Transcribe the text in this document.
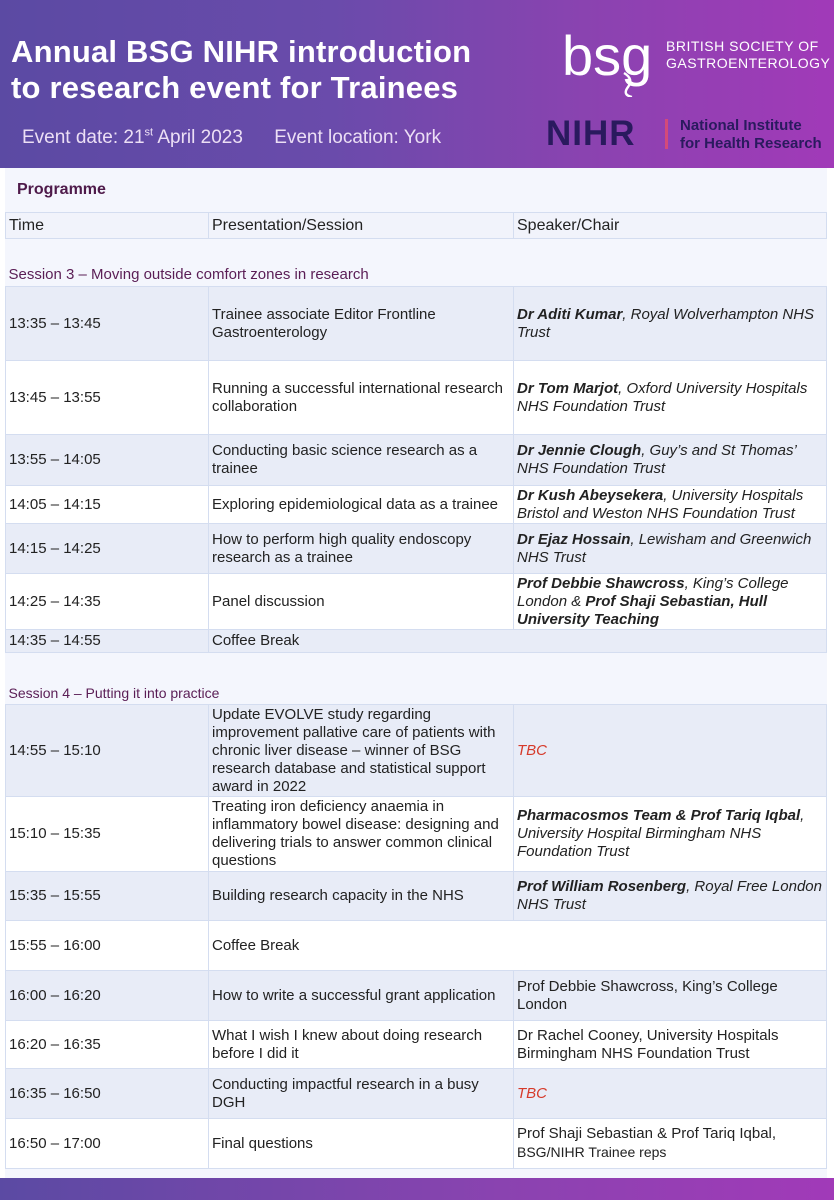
Annual BSG NIHR introduction
to research event for Trainees
Event date: 21st April 2023 Event location: York
bsg BRITISH SOCIETY OF
GASTROENTEROLOGY
NIHR	National Institute
for Health Research
Programme
Time	Presentation/Session	Speaker/Chair
Session 3 – Moving outside comfort zones in research		
13:35 – 13:45	Trainee associate Editor Frontline Gastroenterology	Dr Aditi Kumar, Royal Wolverhampton NHS Trust
13:45 – 13:55	Running a successful international research collaboration	Dr Tom Marjot, Oxford University Hospitals NHS Foundation Trust
13:55 – 14:05	Conducting basic science research as a trainee	Dr Jennie Clough, Guy’s and St Thomas’ NHS Foundation Trust
14:05 – 14:15	Exploring epidemiological data as a trainee	Dr Kush Abeysekera, University Hospitals Bristol and Weston NHS Foundation Trust
14:15 – 14:25	How to perform high quality endoscopy research as a trainee	Dr Ejaz Hossain, Lewisham and Greenwich NHS Trust
14:25 – 14:35	Panel discussion	Prof Debbie Shawcross, King’s College London & Prof Shaji Sebastian, Hull University Teaching
14:35 – 14:55	Coffee Break	
Session 4 – Putting it into practice		
14:55 – 15:10	Update EVOLVE study regarding improvement pallative care of patients with chronic liver disease – winner of BSG research database and statistical support award in 2022	TBC
15:10 – 15:35	Treating iron deficiency anaemia in inflammatory bowel disease: designing and delivering trials to answer common clinical questions	Pharmacosmos Team & Prof Tariq Iqbal, University Hospital Birmingham NHS Foundation Trust
15:35 – 15:55	Building research capacity in the NHS	Prof William Rosenberg, Royal Free London NHS Trust
15:55 – 16:00	Coffee Break	
16:00 – 16:20	How to write a successful grant application	Prof Debbie Shawcross, King’s College London
16:20 – 16:35	What I wish I knew about doing research before I did it	Dr Rachel Cooney, University Hospitals Birmingham NHS Foundation Trust
16:35 – 16:50	Conducting impactful research in a busy DGH	TBC
16:50 – 17:00	Final questions	Prof Shaji Sebastian & Prof Tariq Iqbal,
BSG/NIHR Trainee reps
